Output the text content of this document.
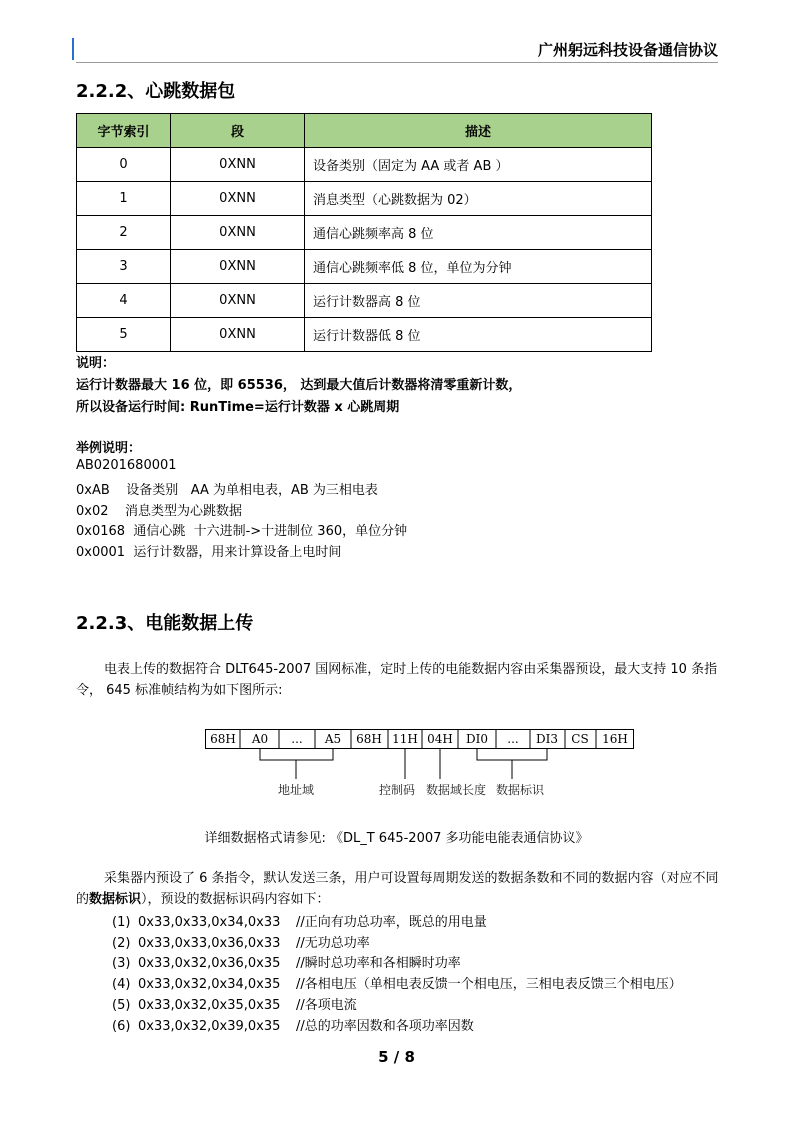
广州躬远科技设备通信协议
2.2.2、心跳数据包
字节索引	段	描述
0	0XNN	设备类别（固定为 AA 或者 AB ）
1	0XNN	消息类型（心跳数据为 02）
2	0XNN	通信心跳频率高 8 位
3	0XNN	通信心跳频率低 8 位，单位为分钟
4	0XNN	运行计数器高 8 位
5	0XNN	运行计数器低 8 位
说明：
运行计数器最大 16 位，即 65536， 达到最大值后计数器将清零重新计数，
所以设备运行时间: RunTime=运行计数器 x 心跳周期
举例说明：
AB0201680001
0xAB    设备类别   AA 为单相电表，AB 为三相电表
0x02    消息类型为心跳数据
0x0168  通信心跳  十六进制->十进制位 360，单位分钟
0x0001  运行计数器，用来计算设备上电时间
2.2.3、电能数据上传
电表上传的数据符合 DLT645-2007 国网标准，定时上传的电能数据内容由采集器预设，最大支持 10 条指令， 645 标准帧结构为如下图所示:
68H A0 ... A5 68H 11H 04H DI0 ... DI3 CS 16H
地址域	控制码 数据域长度 数据标识
详细数据格式请参见: 《DL_T 645-2007 多功能电能表通信协议》
采集器内预设了 6 条指令，默认发送三条，用户可设置每周期发送的数据条数和不同的数据内容（对应不同的数据标识），预设的数据标识码内容如下：
(1) 0x33,0x33,0x34,0x33 //正向有功总功率，既总的用电量
(2) 0x33,0x33,0x36,0x33 //无功总功率
(3) 0x33,0x32,0x36,0x35 //瞬时总功率和各相瞬时功率
(4) 0x33,0x32,0x34,0x35 //各相电压（单相电表反馈一个相电压，三相电表反馈三个相电压）
(5) 0x33,0x32,0x35,0x35 //各项电流
(6) 0x33,0x32,0x39,0x35 //总的功率因数和各项功率因数
5 / 8
